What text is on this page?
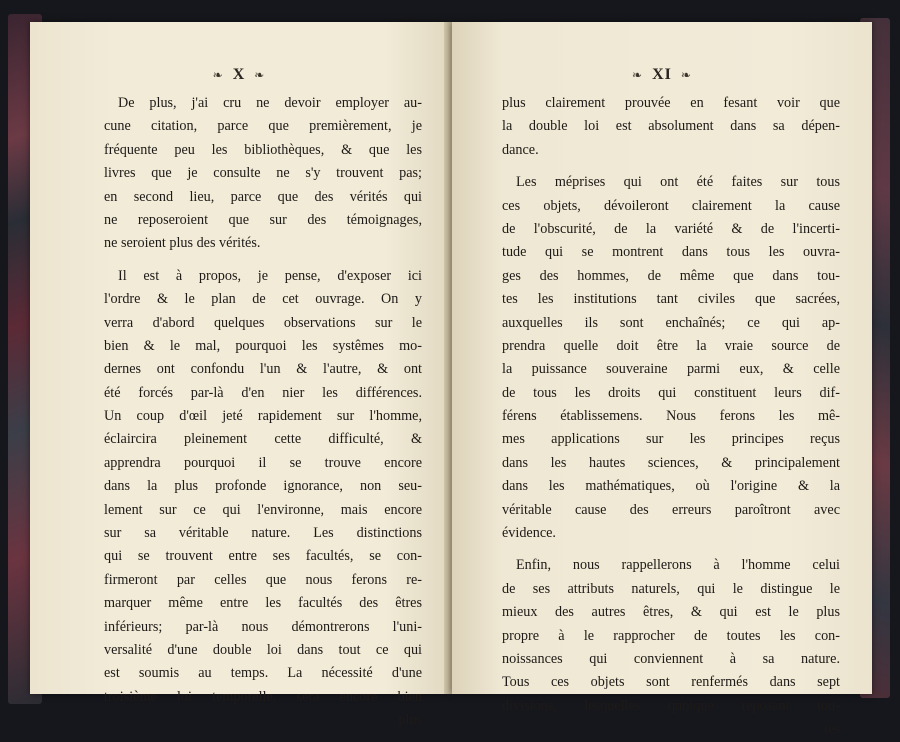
❧ X ❧
De plus, j'ai cru ne devoir employer au-
cune citation, parce que premièrement, je
fréquente peu les bibliothèques, & que les
livres que je consulte ne s'y trouvent pas;
en second lieu, parce que des vérités qui
ne reposeroient que sur des témoignages,
ne seroient plus des vérités.
Il est à propos, je pense, d'exposer ici
l'ordre & le plan de cet ouvrage. On y
verra d'abord quelques observations sur le
bien & le mal, pourquoi les systêmes mo-
dernes ont confondu l'un & l'autre, & ont
été forcés par-là d'en nier les différences.
Un coup d'œil jeté rapidement sur l'homme,
éclaircira pleinement cette difficulté, &
apprendra pourquoi il se trouve encore
dans la plus profonde ignorance, non seu-
lement sur ce qui l'environne, mais encore
sur sa véritable nature. Les distinctions
qui se trouvent entre ses facultés, se con-
firmeront par celles que nous ferons re-
marquer même entre les facultés des êtres
inférieurs; par-là nous démontrerons l'uni-
versalité d'une double loi dans tout ce qui
est soumis au temps. La nécessité d'une
troisième loi temporelle, sera encore bien
plus
❧ XI ❧
plus clairement prouvée en fesant voir que
la double loi est absolument dans sa dépen-
dance.
Les méprises qui ont été faites sur tous
ces objets, dévoileront clairement la cause
de l'obscurité, de la variété & de l'incerti-
tude qui se montrent dans tous les ouvra-
ges des hommes, de même que dans tou-
tes les institutions tant civiles que sacrées,
auxquelles ils sont enchaînés; ce qui ap-
prendra quelle doit être la vraie source de
la puissance souveraine parmi eux, & celle
de tous les droits qui constituent leurs dif-
férens établissemens. Nous ferons les mê-
mes applications sur les principes reçus
dans les hautes sciences, & principalement
dans les mathématiques, où l'origine & la
véritable cause des erreurs paroîtront avec
évidence.
Enfin, nous rappellerons à l'homme celui
de ses attributs naturels, qui le distingue le
mieux des autres êtres, & qui est le plus
propre à le rapprocher de toutes les con-
noissances qui conviennent à sa nature.
Tous ces objets sont renfermés dans sept
divisions, lesquelles quoique reposant tou-
tes
